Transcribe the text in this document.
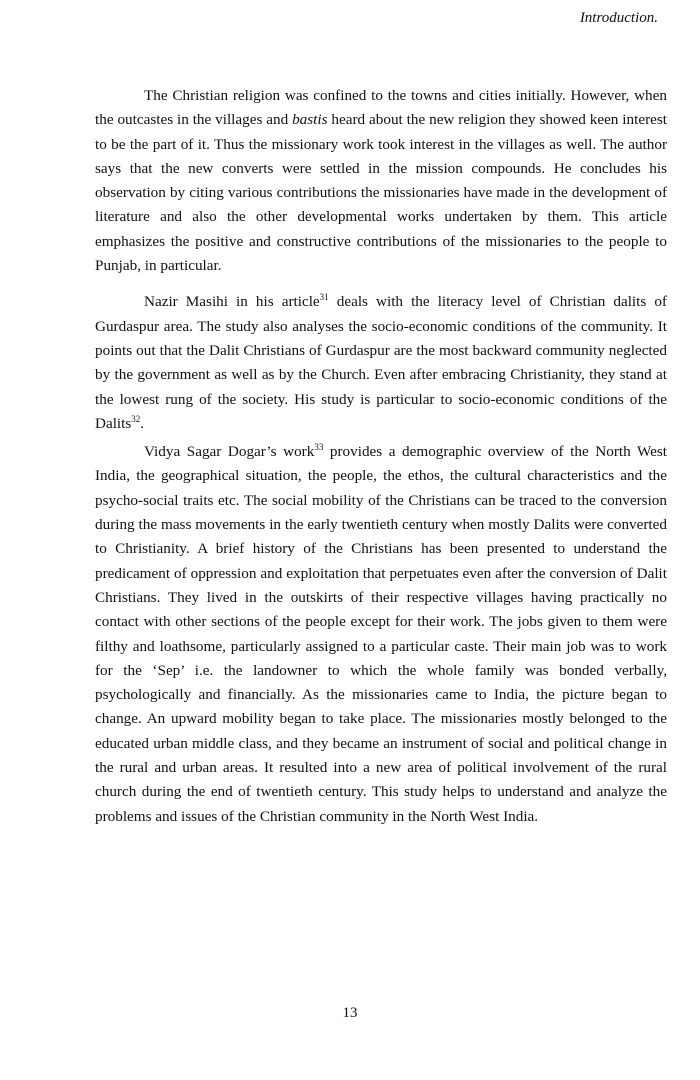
Introduction.

The Christian religion was confined to the towns and cities initially. However, when the outcastes in the villages and bastis heard about the new religion they showed keen interest to be the part of it. Thus the missionary work took interest in the villages as well. The author says that the new converts were settled in the mission compounds. He concludes his observation by citing various contributions the missionaries have made in the development of literature and also the other developmental works undertaken by them. This article emphasizes the positive and constructive contributions of the missionaries to the people to Punjab, in particular.

Nazir Masihi in his article$^{31}$ deals with the literacy level of Christian dalits of Gurdaspur area. The study also analyses the socio-economic conditions of the community. It points out that the Dalit Christians of Gurdaspur are the most backward community neglected by the government as well as by the Church. Even after embracing Christianity, they stand at the lowest rung of the society. His study is particular to socio-economic conditions of the Dalits$^{32}$.

Vidya Sagar Dogar’s work$^{33}$ provides a demographic overview of the North West India, the geographical situation, the people, the ethos, the cultural characteristics and the psycho-social traits etc. The social mobility of the Christians can be traced to the conversion during the mass movements in the early twentieth century when mostly Dalits were converted to Christianity. A brief history of the Christians has been presented to understand the predicament of oppression and exploitation that perpetuates even after the conversion of Dalit Christians. They lived in the outskirts of their respective villages having practically no contact with other sections of the people except for their work. The jobs given to them were filthy and loathsome, particularly assigned to a particular caste. Their main job was to work for the ‘Sep’ i.e. the landowner to which the whole family was bonded verbally, psychologically and financially. As the missionaries came to India, the picture began to change. An upward mobility began to take place. The missionaries mostly belonged to the educated urban middle class, and they became an instrument of social and political change in the rural and urban areas. It resulted into a new area of political involvement of the rural church during the end of twentieth century. This study helps to understand and analyze the problems and issues of the Christian community in the North West India.

13
